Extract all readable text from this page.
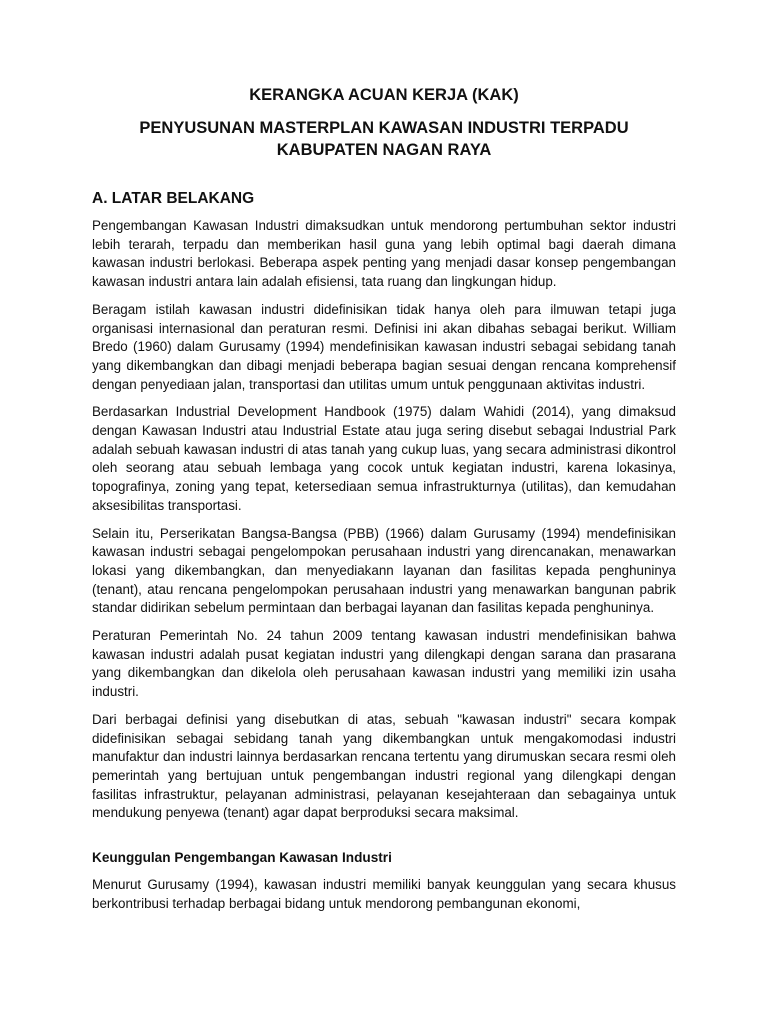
KERANGKA ACUAN KERJA (KAK)
PENYUSUNAN MASTERPLAN KAWASAN INDUSTRI TERPADU
KABUPATEN NAGAN RAYA
A. LATAR BELAKANG

Pengembangan Kawasan Industri dimaksudkan untuk mendorong pertumbuhan sektor industri lebih terarah, terpadu dan memberikan hasil guna yang lebih optimal bagi daerah dimana kawasan industri berlokasi. Beberapa aspek penting yang menjadi dasar konsep pengembangan kawasan industri antara lain adalah efisiensi, tata ruang dan lingkungan hidup.

Beragam istilah kawasan industri didefinisikan tidak hanya oleh para ilmuwan tetapi juga organisasi internasional dan peraturan resmi. Definisi ini akan dibahas sebagai berikut. William Bredo (1960) dalam Gurusamy (1994) mendefinisikan kawasan industri sebagai sebidang tanah yang dikembangkan dan dibagi menjadi beberapa bagian sesuai dengan rencana komprehensif dengan penyediaan jalan, transportasi dan utilitas umum untuk penggunaan aktivitas industri.

Berdasarkan Industrial Development Handbook (1975) dalam Wahidi (2014), yang dimaksud dengan Kawasan Industri atau Industrial Estate atau juga sering disebut sebagai Industrial Park adalah sebuah kawasan industri di atas tanah yang cukup luas, yang secara administrasi dikontrol oleh seorang atau sebuah lembaga yang cocok untuk kegiatan industri, karena lokasinya, topografinya, zoning yang tepat, ketersediaan semua infrastrukturnya (utilitas), dan kemudahan aksesibilitas transportasi.

Selain itu, Perserikatan Bangsa-Bangsa (PBB) (1966) dalam Gurusamy (1994) mendefinisikan kawasan industri sebagai pengelompokan perusahaan industri yang direncanakan, menawarkan lokasi yang dikembangkan, dan menyediakann layanan dan fasilitas kepada penghuninya (tenant), atau rencana pengelompokan perusahaan industri yang menawarkan bangunan pabrik standar didirikan sebelum permintaan dan berbagai layanan dan fasilitas kepada penghuninya.

Peraturan Pemerintah No. 24 tahun 2009 tentang kawasan industri mendefinisikan bahwa kawasan industri adalah pusat kegiatan industri yang dilengkapi dengan sarana dan prasarana yang dikembangkan dan dikelola oleh perusahaan kawasan industri yang memiliki izin usaha industri.

Dari berbagai definisi yang disebutkan di atas, sebuah "kawasan industri" secara kompak didefinisikan sebagai sebidang tanah yang dikembangkan untuk mengakomodasi industri manufaktur dan industri lainnya berdasarkan rencana tertentu yang dirumuskan secara resmi oleh pemerintah yang bertujuan untuk pengembangan industri regional yang dilengkapi dengan fasilitas infrastruktur, pelayanan administrasi, pelayanan kesejahteraan dan sebagainya untuk mendukung penyewa (tenant) agar dapat berproduksi secara maksimal.

Keunggulan Pengembangan Kawasan Industri

Menurut Gurusamy (1994), kawasan industri memiliki banyak keunggulan yang secara khusus berkontribusi terhadap berbagai bidang untuk mendorong pembangunan ekonomi,
